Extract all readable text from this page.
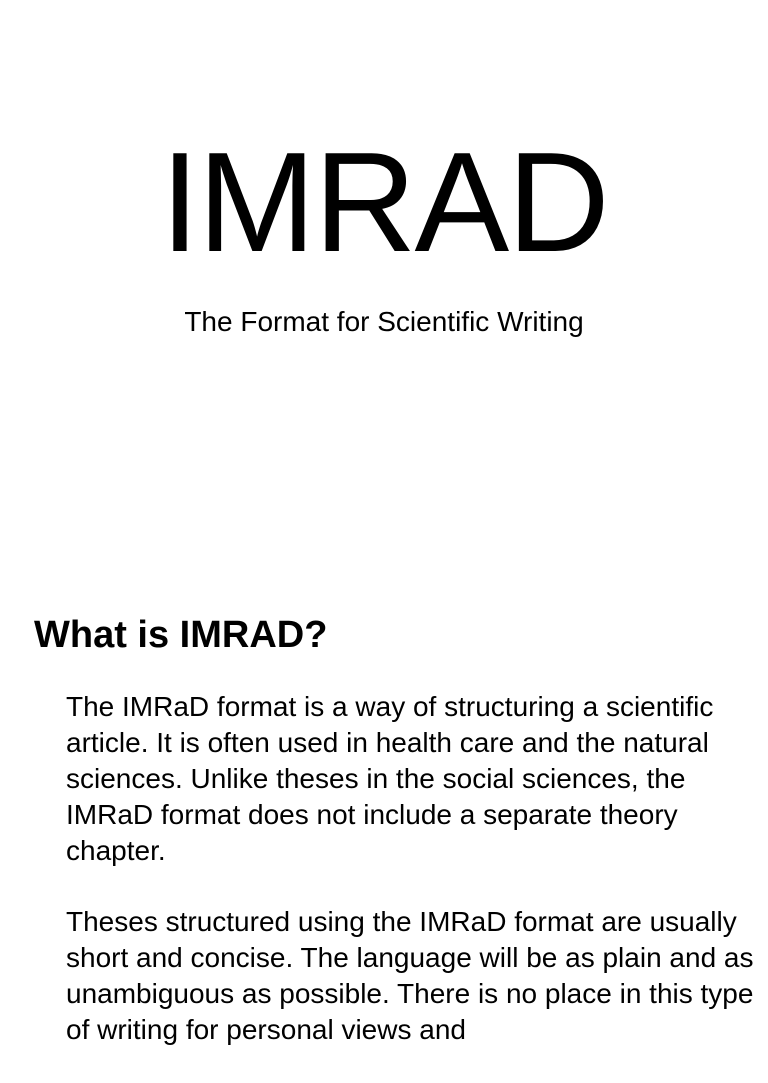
IMRAD

The Format for Scientific Writing

What is IMRAD?

The IMRaD format is a way of structuring a scientific article. It is often used in health care and the natural sciences. Unlike theses in the social sciences, the IMRaD format does not include a separate theory chapter.

Theses structured using the IMRaD format are usually short and concise. The language will be as plain and as unambiguous as possible. There is no place in this type of writing for personal views and
